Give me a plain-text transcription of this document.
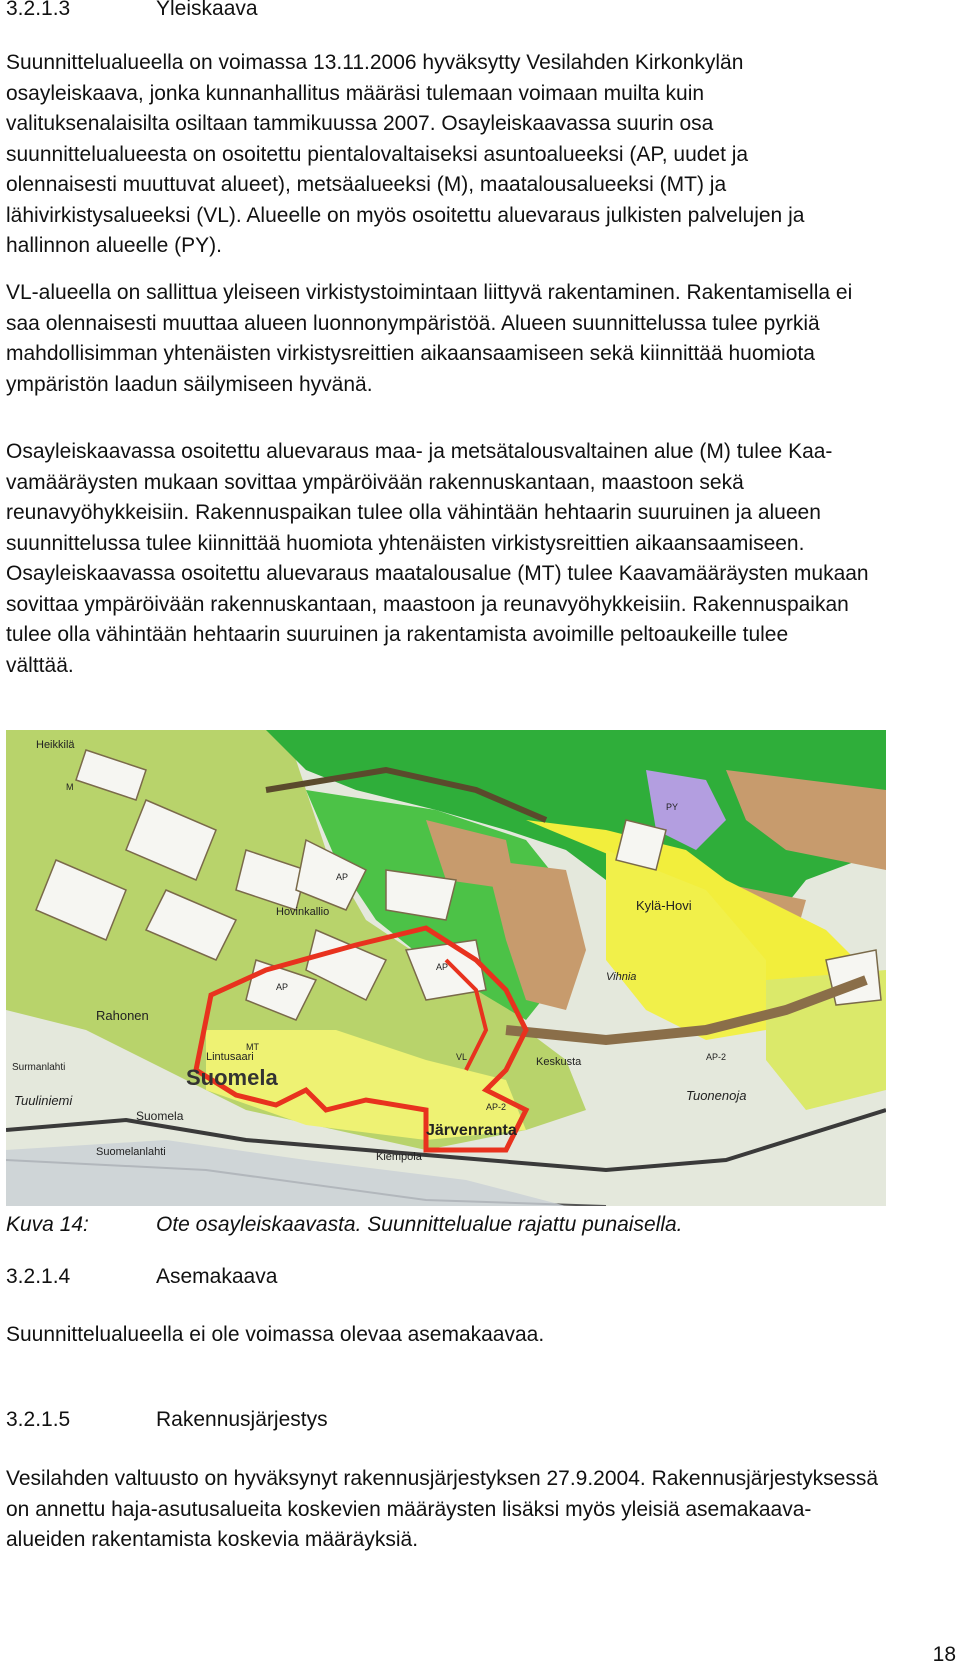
3.2.1.3	Yleiskaava

Suunnittelualueella on voimassa 13.11.2006 hyväksytty Vesilahden Kirkonkylän
osayleiskaava, jonka kunnanhallitus määräsi tulemaan voimaan muilta kuin
valituksenalaisilta osiltaan tammikuussa 2007. Osayleiskaavassa suurin osa
suunnittelualueesta on osoitettu pientalovaltaiseksi asuntoalueeksi (AP, uudet ja
olennaisesti muuttuvat alueet), metsäalueeksi (M), maatalousalueeksi (MT) ja
lähivirkistysalueeksi (VL). Alueelle on myös osoitettu aluevaraus julkisten palvelujen ja
hallinnon alueelle (PY).

VL-alueella on sallittua yleiseen virkistystoimintaan liittyvä rakentaminen. Rakentamisella ei
saa olennaisesti muuttaa alueen luonnonympäristöä. Alueen suunnittelussa tulee pyrkiä
mahdollisimman yhtenäisten virkistysreittien aikaansaamiseen sekä kiinnittää huomiota
ympäristön laadun säilymiseen hyvänä.

Osayleiskaavassa osoitettu aluevaraus maa- ja metsätalousvaltainen alue (M) tulee Kaa-
vamääräysten mukaan sovittaa ympäröivään rakennuskantaan, maastoon sekä
reunavyöhykkeisiin. Rakennuspaikan tulee olla vähintään hehtaarin suuruinen ja alueen
suunnittelussa tulee kiinnittää huomiota yhtenäisten virkistysreittien aikaansaamiseen.
Osayleiskaavassa osoitettu aluevaraus maatalousalue (MT) tulee Kaavamääräysten mukaan
sovittaa ympäröivään rakennuskantaan, maastoon ja reunavyöhykkeisiin. Rakennuspaikan
tulee olla vähintään hehtaarin suuruinen ja rakentamista avoimille peltoaukeille tulee
välttää.

Suomela
Lintusaari
Rahonen
Tuuliniemi
Suomela
Järvenranta
Kiempola
Vihnia
Kylä-Hovi
Keskusta
Hovinkallio
Tuonenoja
Suomelanlahti
Surmanlahti
Heikkilä
AP
AP
AP
AP-2
AP-2
VL
PY
M
MT
Kuva 14:	Ote osayleiskaavasta. Suunnittelualue rajattu punaisella.
3.2.1.4	Asemakaava

Suunnittelualueella ei ole voimassa olevaa asemakaavaa.

3.2.1.5	Rakennusjärjestys

Vesilahden valtuusto on hyväksynyt rakennusjärjestyksen 27.9.2004. Rakennusjärjestyksessä
on annettu haja-asutusalueita koskevien määräysten lisäksi myös yleisiä asemakaava-
alueiden rakentamista koskevia määräyksiä.

18
